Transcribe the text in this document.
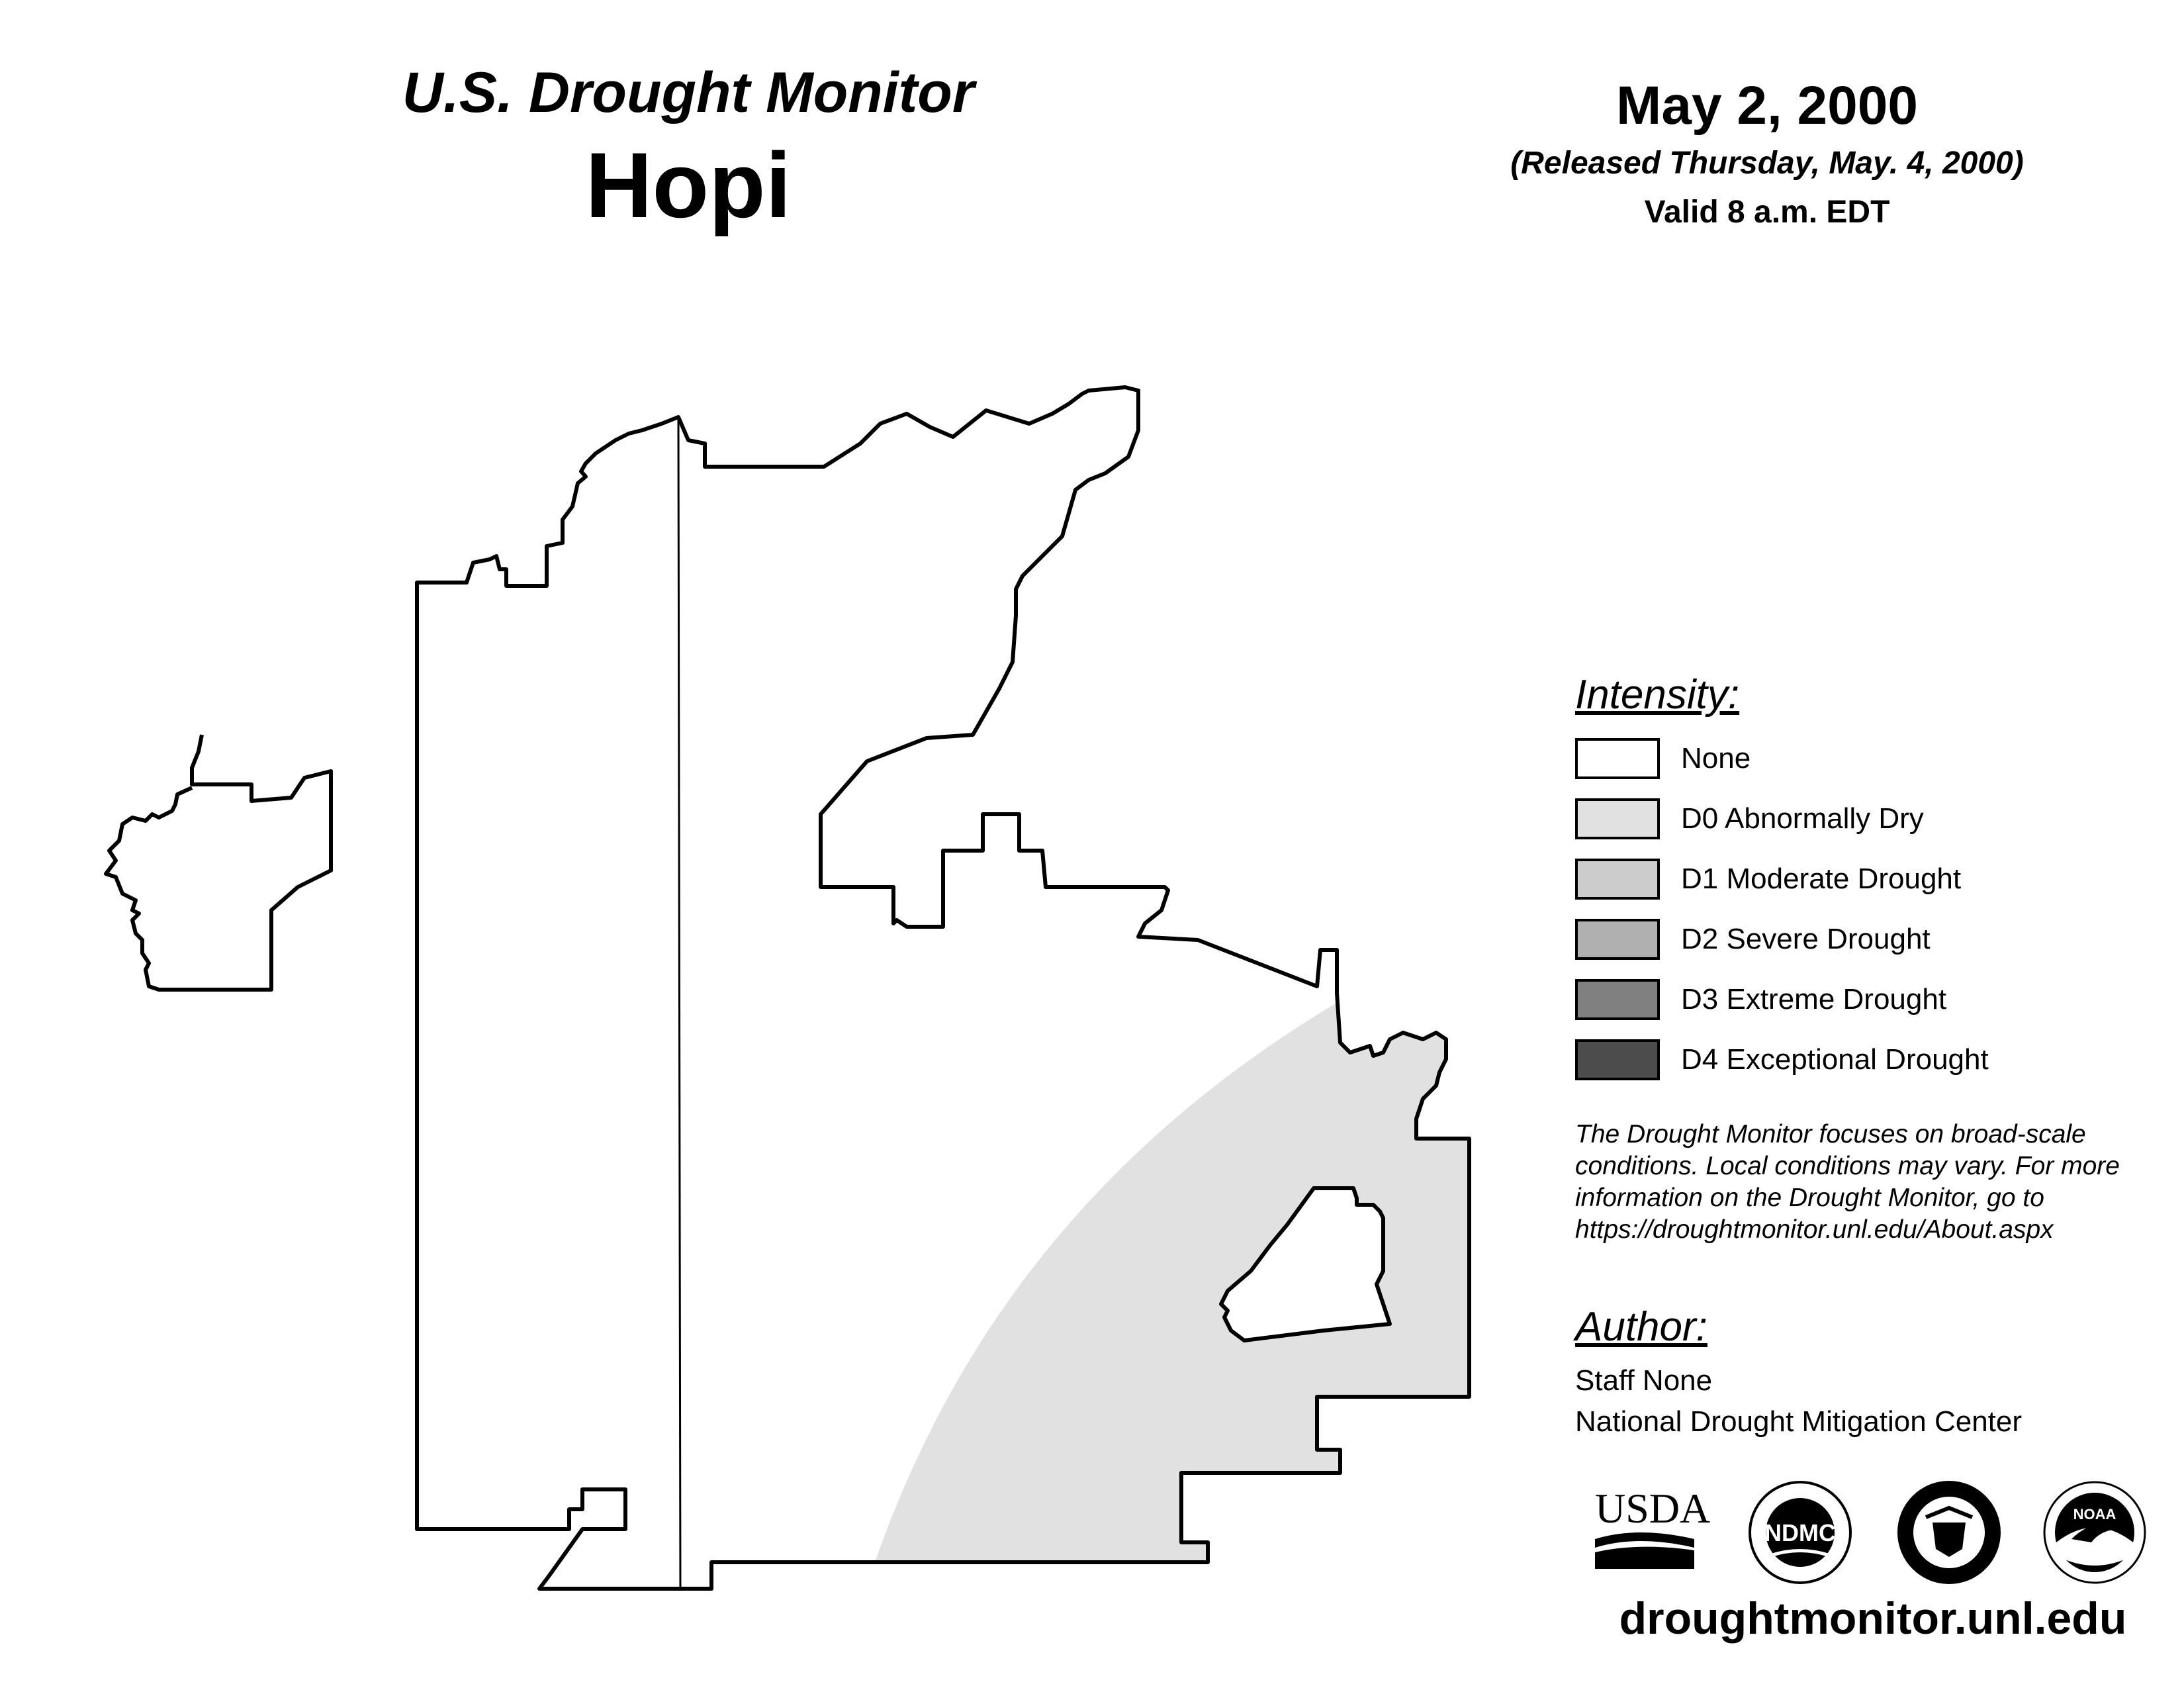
U.S. Drought Monitor
Hopi
May 2, 2000
(Released Thursday, May. 4, 2000)
Valid 8 a.m. EDT
Intensity:
None
D0 Abnormally Dry
D1 Moderate Drought
D2 Severe Drought
D3 Extreme Drought
D4 Exceptional Drought
The Drought Monitor focuses on broad-scale
conditions. Local conditions may vary. For more
information on the Drought Monitor, go to
https://droughtmonitor.unl.edu/About.aspx
Author:
Staff None
National Drought Mitigation Center
USDA
NDMC
NOAA
droughtmonitor.unl.edu
